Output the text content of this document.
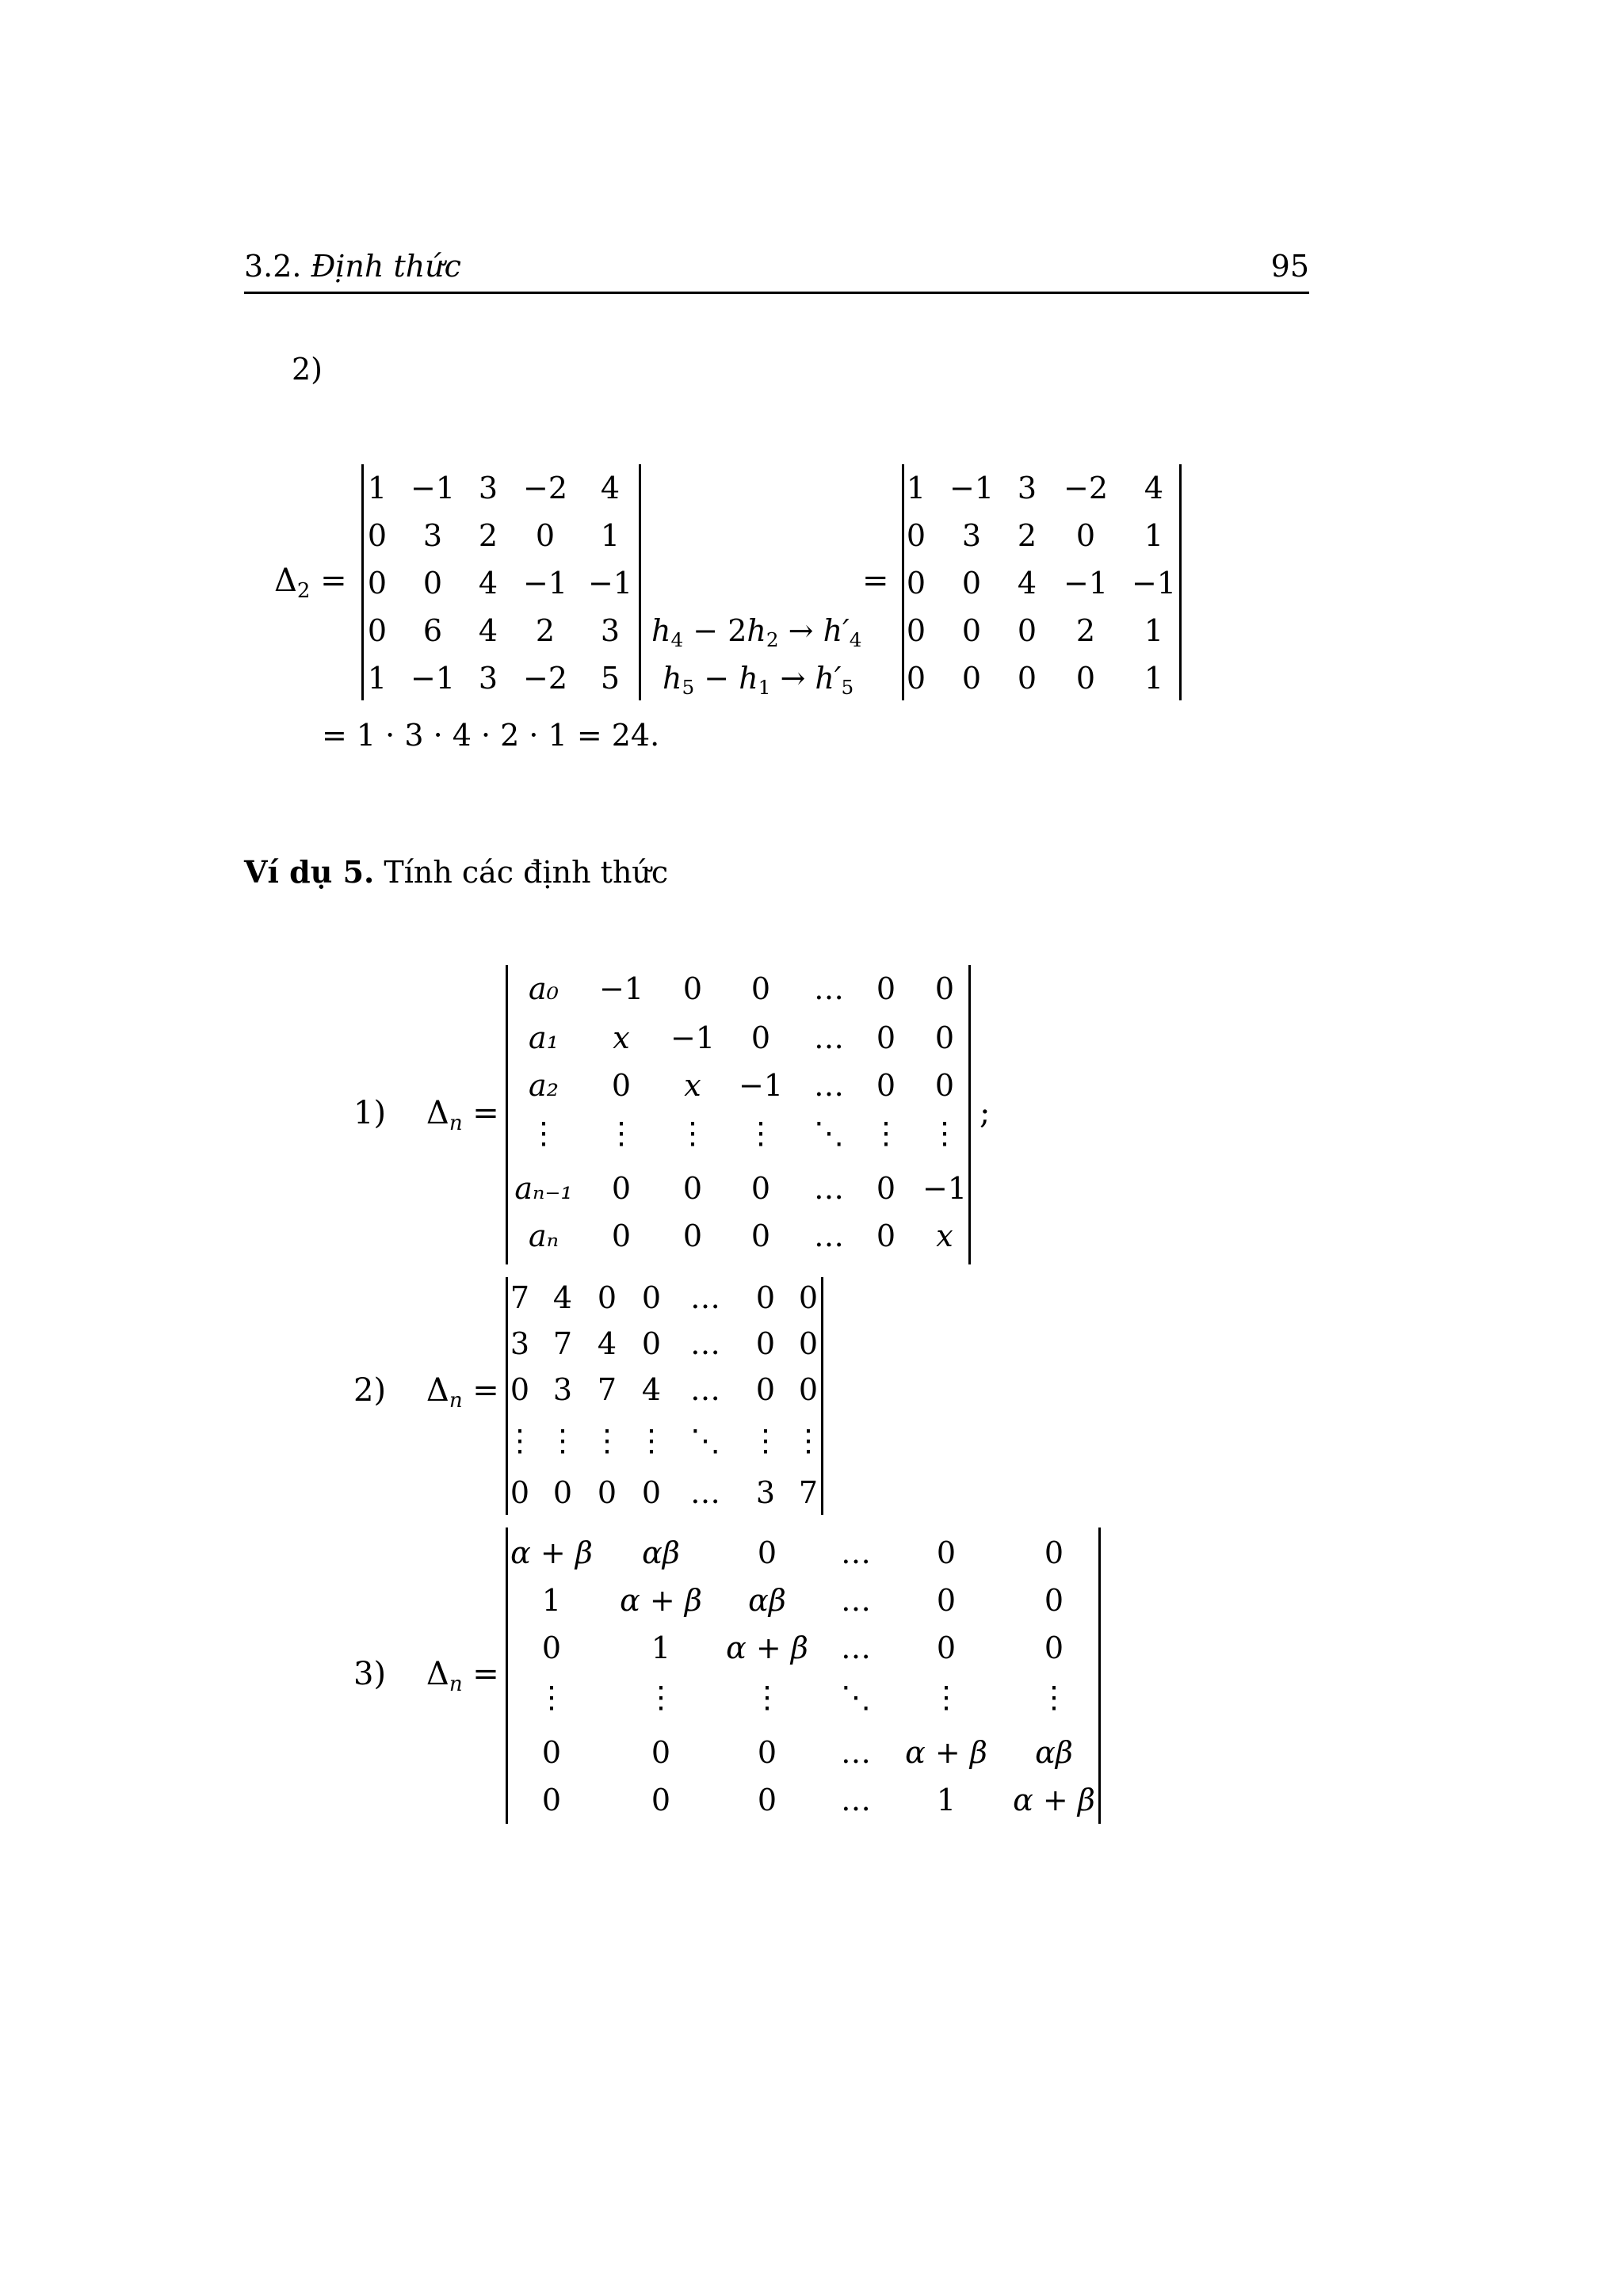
3.2. Định thức	95
2)
$\Delta_2$ =
1 −1 3 −2 4
0 3 2 0 1
0 0 4 −1 −1
0 6 4 2 3
1 −1 3 −2 5
$h_4 - 2h_2 \to h'_4$
$h_5 - h_1 \to h'_5$
=
1 −1 3 −2 4
0 3 2 0 1
0 0 4 −1 −1
0 0 0 2 1
0 0 0 0 1
= 1 · 3 · 4 · 2 · 1 = 24.
Ví dụ 5. Tính các định thức
1) $\Delta_n$ =
a₀ −1 0 0 … 0 0
a₁ x −1 0 … 0 0
a₂ 0 x −1 … 0 0
⋮ ⋮ ⋮ ⋮ ⋱ ⋮ ⋮
aₙ₋₁ 0 0 0 … 0 −1
aₙ 0 0 0 … 0 x
;
2) $\Delta_n$ =
7 4 0 0 … 0 0
3 7 4 0 … 0 0
0 3 7 4 … 0 0
⋮ ⋮ ⋮ ⋮ ⋱ ⋮ ⋮
0 0 0 0 … 3 7
3) $\Delta_n$ =
α + β αβ	0 … 0	0
1 α + β αβ … 0	0
0	1 α + β … 0	0
⋮	⋮	⋮ ⋱ ⋮	⋮
0	0	0 … α + β αβ
0	0	0 … 1 α + β
